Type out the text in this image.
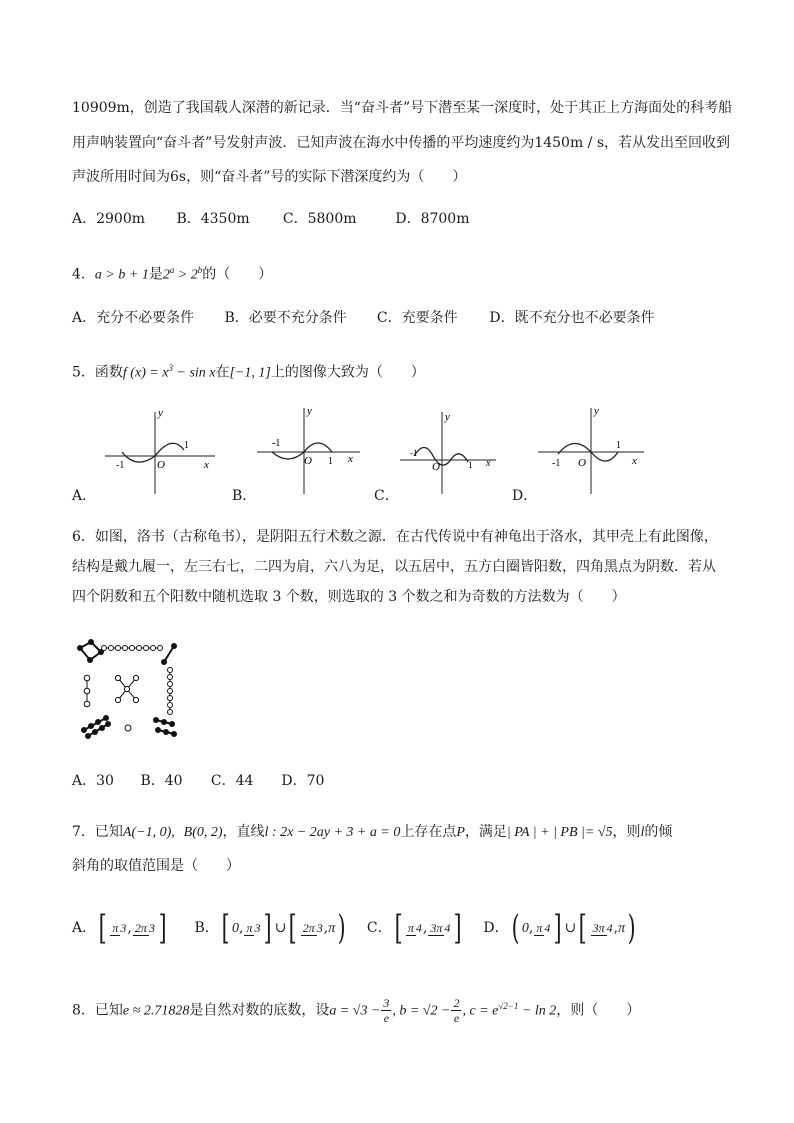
10909m，创造了我国载人深潜的新记录．当“奋斗者”号下潜至某一深度时，处于其正上方海面处的科考船
用声呐装置向“奋斗者”号发射声波．已知声波在海水中传播的平均速度约为1450m / s，若从发出至回收到
声波所用时间为6s，则“奋斗者”号的实际下潜深度约为（　　）
A．2900m B．4350m C．5800m	D．8700m
4．a > b + 1是$2^a > 2^b$的（　　）
A．充分不必要条件 B．必要不充分条件 C．充要条件 D．既不充分也不必要条件
5．函数f $(x) = x^3 - \sin x$在[−1, 1]上的图像大致为（　　）
A．
y
x
O
-1
1
B．
y
x
O
-1
1
C．
y
x
O
-1
1
D．
y
x
O
-1
1
6．如图，洛书（古称龟书），是阴阳五行术数之源．在古代传说中有神龟出于洛水，其甲壳上有此图像，
结构是戴九履一，左三右七，二四为肩，六八为足，以五居中，五方白圈皆阳数，四角黑点为阴数．若从
四个阴数和五个阳数中随机选取 3 个数，则选取的 3 个数之和为奇数的方法数为（　　）
A．30 B．40 C．44 D．70
7．已知A(−1, 0), B(0, 2)，直线l : 2x − 2ay + 3 + a = 0上存在点P，满足| PA | + | PB |= √5，则l的倾
斜角的取值范围是（　　）
A．[ π 3, 2π 3 ] B．[ 0, π 3 ] ∪[ 2π 3,π) C．[ π 4, 3π 4 ] D．( 0, π 4 ] ∪[ 3π 4,π)
8．已知e ≈ 2.71828是自然对数的底数，设$a = √3 - \frac{3}{e}$ , $b = √2 - \frac{2}{e}$ , $c = e^{√2-1} - \ln 2$，则（　　）
